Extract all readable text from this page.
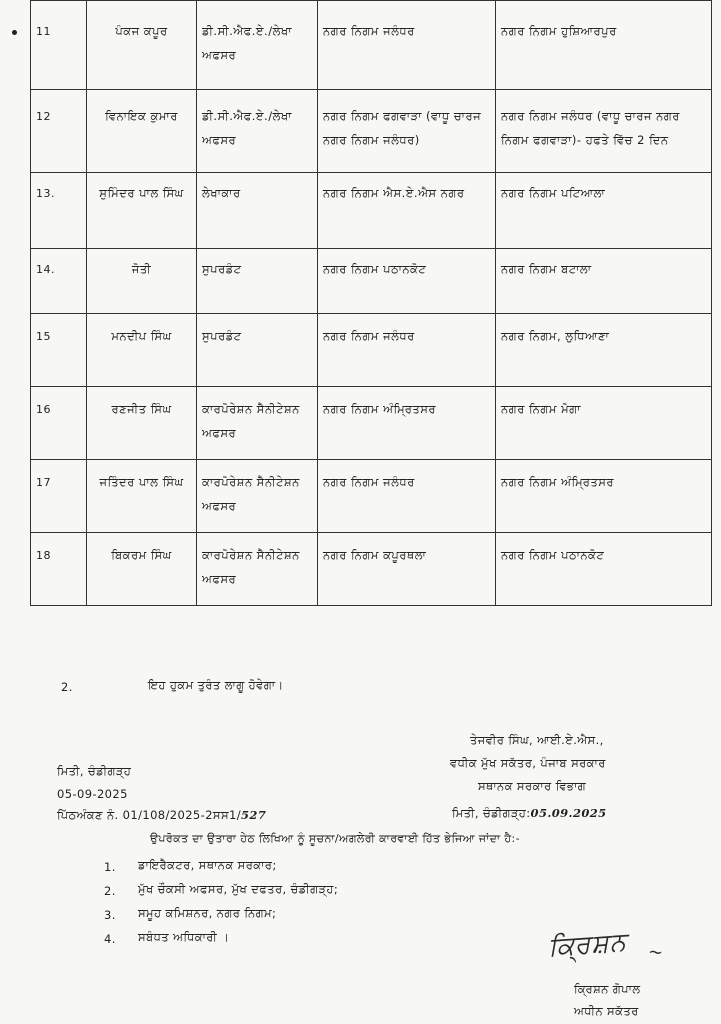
11	ਪੰਕਜ ਕਪੂਰ	ਡੀ.ਸੀ.ਐਫ.ਏ./ਲੇਖਾ ਅਫਸਰ	ਨਗਰ ਨਿਗਮ ਜਲੰਧਰ	ਨਗਰ ਨਿਗਮ ਹੁਸ਼ਿਆਰਪੁਰ
12	ਵਿਨਾਇਕ ਕੁਮਾਰ	ਡੀ.ਸੀ.ਐਫ.ਏ./ਲੇਖਾ ਅਫਸਰ	ਨਗਰ ਨਿਗਮ ਫਗਵਾੜਾ (ਵਾਧੂ ਚਾਰਜ ਨਗਰ ਨਿਗਮ ਜਲੰਧਰ)	ਨਗਰ ਨਿਗਮ ਜਲੰਧਰ (ਵਾਧੂ ਚਾਰਜ ਨਗਰ ਨਿਗਮ ਫਗਵਾੜਾ)- ਹਫਤੇ ਵਿੱਚ 2 ਦਿਨ
13.	ਸੁਮਿੰਦਰ ਪਾਲ ਸਿੰਘ	ਲੇਖਾਕਾਰ	ਨਗਰ ਨਿਗਮ ਐਸ.ਏ.ਐਸ ਨਗਰ	ਨਗਰ ਨਿਗਮ ਪਟਿਆਲਾ
14.	ਜੋਤੀ	ਸੁਪਰਡੰਟ	ਨਗਰ ਨਿਗਮ ਪਠਾਨਕੋਟ	ਨਗਰ ਨਿਗਮ ਬਟਾਲਾ
15	ਮਨਦੀਪ ਸਿੰਘ	ਸੁਪਰਡੰਟ	ਨਗਰ ਨਿਗਮ ਜਲੰਧਰ	ਨਗਰ ਨਿਗਮ, ਲੁਧਿਆਣਾ
16	ਰਣਜੀਤ ਸਿੰਘ	ਕਾਰਪੋਰੇਸ਼ਨ ਸੈਨੀਟੇਸ਼ਨ ਅਫਸਰ	ਨਗਰ ਨਿਗਮ ਅੰਮ੍ਰਿਤਸਰ	ਨਗਰ ਨਿਗਮ ਮੋਗਾ
17	ਜਤਿੰਦਰ ਪਾਲ ਸਿੰਘ	ਕਾਰਪੋਰੇਸ਼ਨ ਸੈਨੀਟੇਸ਼ਨ ਅਫਸਰ	ਨਗਰ ਨਿਗਮ ਜਲੰਧਰ	ਨਗਰ ਨਿਗਮ ਅੰਮ੍ਰਿਤਸਰ
18	ਬਿਕਰਮ ਸਿੰਘ	ਕਾਰਪੋਰੇਸ਼ਨ ਸੈਨੀਟੇਸ਼ਨ ਅਫਸਰ	ਨਗਰ ਨਿਗਮ ਕਪੂਰਥਲਾ	ਨਗਰ ਨਿਗਮ ਪਠਾਨਕੋਟ
2.	ਇਹ ਹੁਕਮ ਤੁਰੰਤ ਲਾਗੂ ਹੋਵੇਗਾ।
ਤੇਜਵੀਰ ਸਿੰਘ, ਆਈ.ਏ.ਐਸ.,
ਵਧੀਕ ਮੁੱਖ ਸਕੱਤਰ, ਪੰਜਾਬ ਸਰਕਾਰ
ਸਥਾਨਕ ਸਰਕਾਰ ਵਿਭਾਗ
ਮਿਤੀ, ਚੰਡੀਗੜ੍ਹ
05-09-2025
ਪਿੱਠਅੰਕਣ ਨੰ. 01/108/2025-2ਸਸ1/527	ਮਿਤੀ, ਚੰਡੀਗੜ੍ਹ:05.09.2025
ਉਪਰੋਕਤ ਦਾ ਉਤਾਰਾ ਹੇਠ ਲਿਖਿਆ ਨੂੰ ਸੂਚਨਾ/ਅਗਲੇਰੀ ਕਾਰਵਾਈ ਹਿੱਤ ਭੇਜਿਆ ਜਾਂਦਾ ਹੈ:-
1. ਡਾਇਰੈਕਟਰ, ਸਥਾਨਕ ਸਰਕਾਰ;
2. ਮੁੱਖ ਚੌਕਸੀ ਅਫਸਰ, ਮੁੱਖ ਦਫਤਰ, ਚੰਡੀਗੜ੍ਹ;
3. ਸਮੂਹ ਕਮਿਸ਼ਨਰ, ਨਗਰ ਨਿਗਮ;
4. ਸਬੰਧਤ ਅਧਿਕਾਰੀ ।	ਕ੍ਰਿਸ਼ਨ ~
ਕ੍ਰਿਸ਼ਨ ਗੋਪਾਲ
ਅਧੀਨ ਸਕੱਤਰ
